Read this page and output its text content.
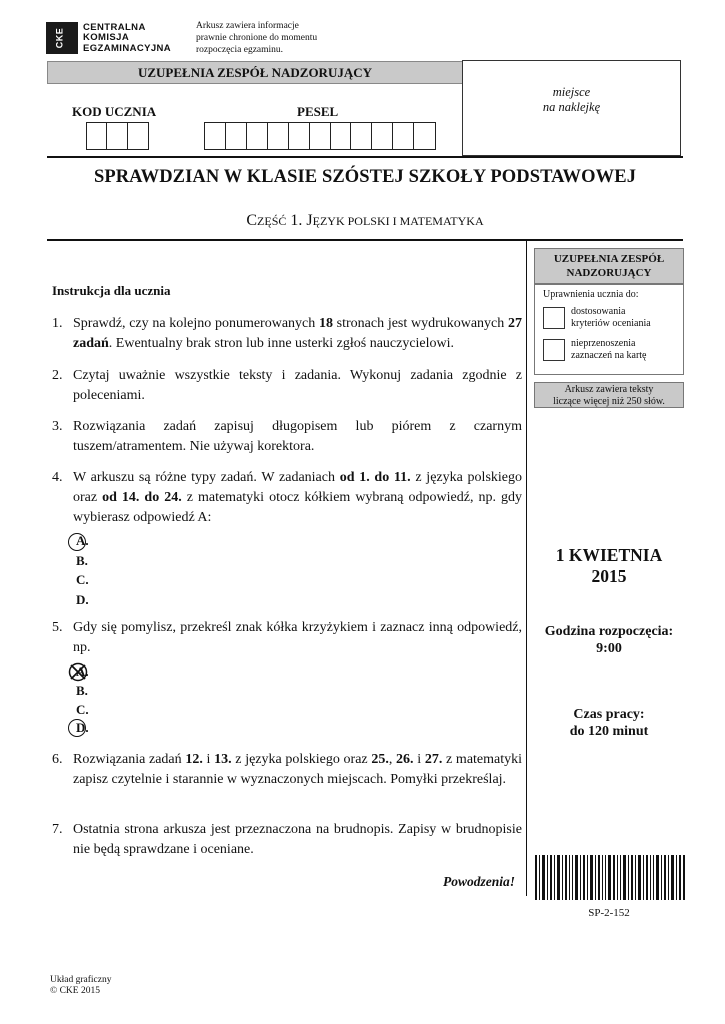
CKE
CENTRALNA
KOMISJA
EGZAMINACYJNA
Arkusz zawiera informacje
prawnie chronione do momentu
rozpoczęcia egzaminu.
UZUPEŁNIA ZESPÓŁ NADZORUJĄCY
miejsce
na naklejkę
KOD UCZNIA	PESEL
SPRAWDZIAN W KLASIE SZÓSTEJ SZKOŁY PODSTAWOWEJ
CZĘŚĆ 1. JĘZYK POLSKI I MATEMATYKA
UZUPEŁNIA ZESPÓŁ
NADZORUJĄCY
Uprawnienia ucznia do:
dostosowania
kryteriów oceniania
nieprzenoszenia
zaznaczeń na kartę
Arkusz zawiera teksty
liczące więcej niż 250 słów.
1 KWIETNIA
2015
Godzina rozpoczęcia:
9:00
Czas pracy:
do 120 minut
SP-2-152
Instrukcja dla ucznia
1. Sprawdź, czy na kolejno ponumerowanych 18 stronach jest wydrukowanych 27 zadań. Ewentualny brak stron lub inne usterki zgłoś nauczycielowi.
2. Czytaj uważnie wszystkie teksty i zadania. Wykonuj zadania zgodnie z poleceniami.
3. Rozwiązania zadań zapisuj długopisem lub piórem z czarnym tuszem/atramentem. Nie używaj korektora.
4. W arkuszu są różne typy zadań. W zadaniach od 1. do 11. z języka polskiego oraz od 14. do 24. z matematyki otocz kółkiem wybraną odpowiedź, np. gdy wybierasz odpowiedź A:
A.
B.
C.
D.
5. Gdy się pomylisz, przekreśl znak kółka krzyżykiem i zaznacz inną odpowiedź, np.
A.
B.
C.
D.
6. Rozwiązania zadań 12. i 13. z języka polskiego oraz 25., 26. i 27. z matematyki zapisz czytelnie i starannie w wyznaczonych miejscach. Pomyłki przekreślaj.
7. Ostatnia strona arkusza jest przeznaczona na brudnopis. Zapisy w brudnopisie nie będą sprawdzane i oceniane.
Powodzenia!
Układ graficzny
© CKE 2015
